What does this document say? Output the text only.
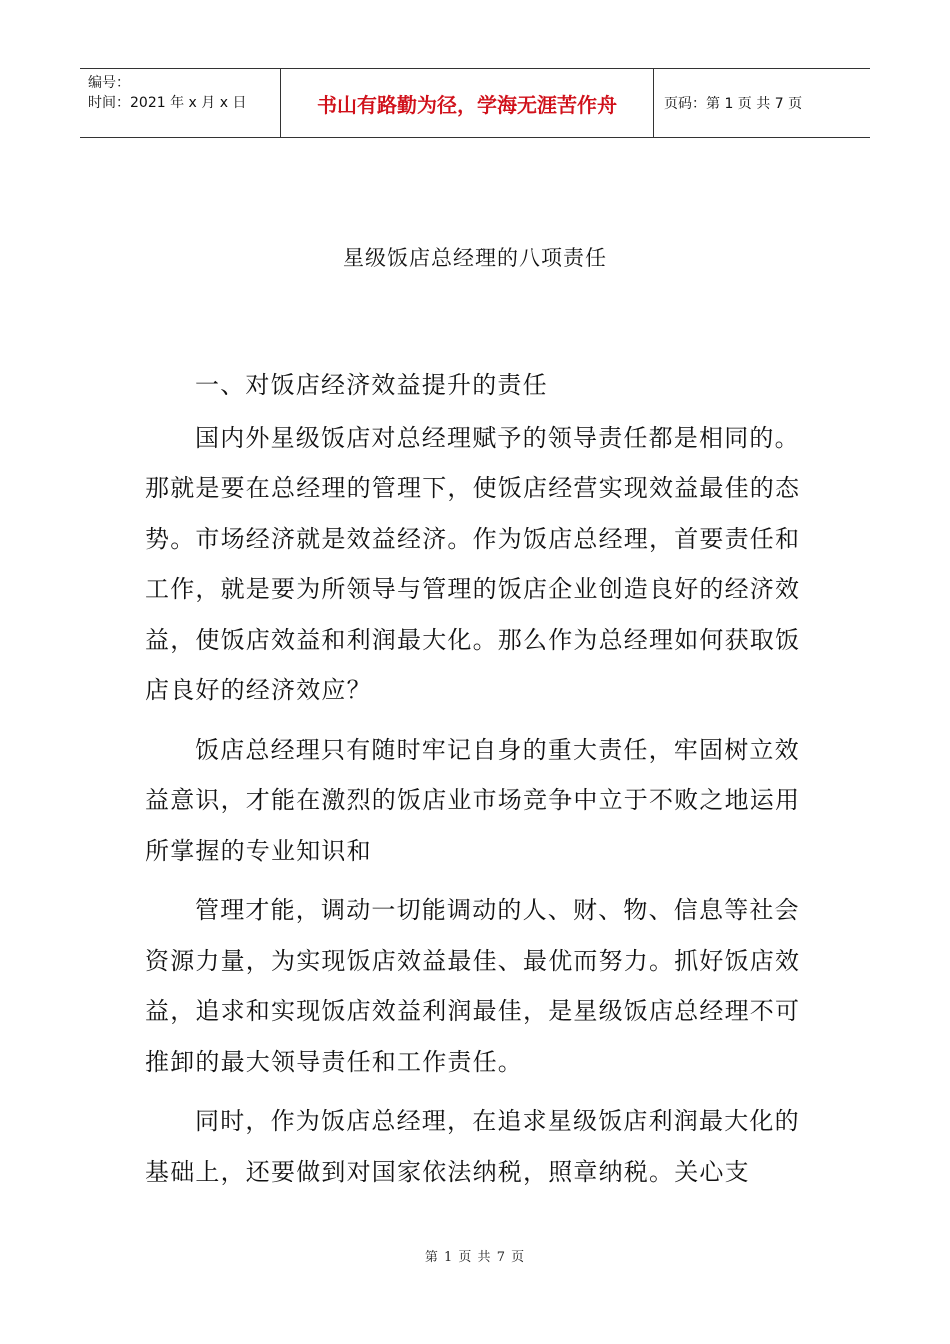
编号：
时间：2021 年 x 月 x 日	书山有路勤为径，学海无涯苦作舟	页码：第 1 页 共 7 页
星级饭店总经理的八项责任

一、对饭店经济效益提升的责任

国内外星级饭店对总经理赋予的领导责任都是相同的。那就是要在总经理的管理下，使饭店经营实现效益最佳的态势。市场经济就是效益经济。作为饭店总经理，首要责任和工作，就是要为所领导与管理的饭店企业创造良好的经济效益，使饭店效益和利润最大化。那么作为总经理如何获取饭店良好的经济效应？

饭店总经理只有随时牢记自身的重大责任，牢固树立效益意识，才能在激烈的饭店业市场竞争中立于不败之地运用所掌握的专业知识和

管理才能，调动一切能调动的人、财、物、信息等社会资源力量，为实现饭店效益最佳、最优而努力。抓好饭店效益，追求和实现饭店效益利润最佳，是星级饭店总经理不可推卸的最大领导责任和工作责任。

同时，作为饭店总经理，在追求星级饭店利润最大化的基础上，还要做到对国家依法纳税，照章纳税。关心支

第 1 页 共 7 页
